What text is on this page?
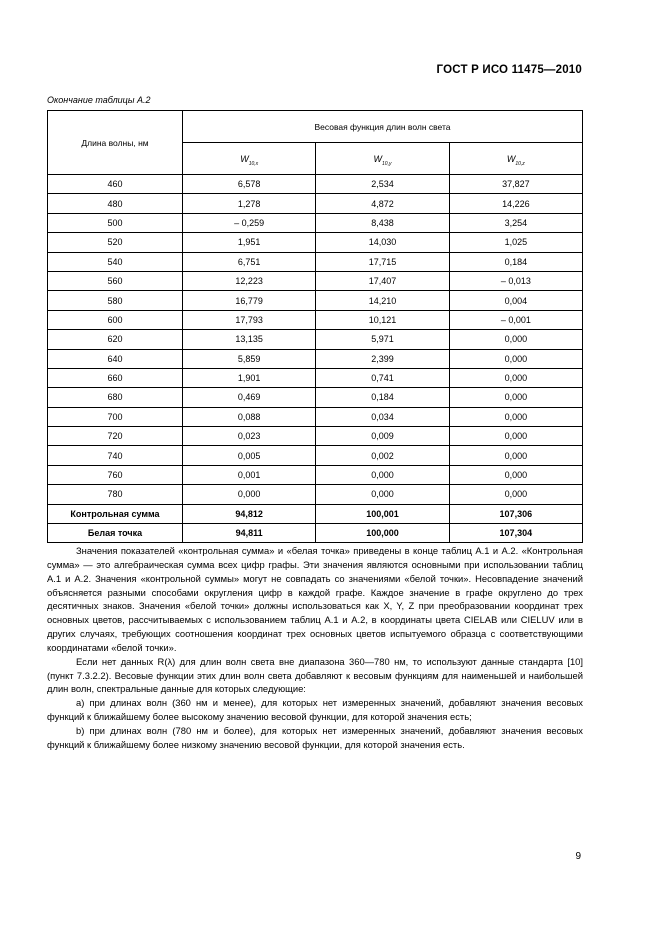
ГОСТ Р ИСО 11475—2010
Окончание таблицы А.2
Длина волны, нм	Весовая функция длин волн света		
	$W_{10,x}$	$W_{10,y}$	$W_{10,z}$
460	6,578	2,534	37,827
480	1,278	4,872	14,226
500	– 0,259	8,438	3,254
520	1,951	14,030	1,025
540	6,751	17,715	0,184
560	12,223	17,407	– 0,013
580	16,779	14,210	0,004
600	17,793	10,121	– 0,001
620	13,135	5,971	0,000
640	5,859	2,399	0,000
660	1,901	0,741	0,000
680	0,469	0,184	0,000
700	0,088	0,034	0,000
720	0,023	0,009	0,000
740	0,005	0,002	0,000
760	0,001	0,000	0,000
780	0,000	0,000	0,000
Контрольная сумма	94,812	100,001	107,306
Белая точка	94,811	100,000	107,304

Значения показателей «контрольная сумма» и «белая точка» приведены в конце таблиц А.1 и А.2. «Контрольная сумма» — это алгебраическая сумма всех цифр графы. Эти значения являются основными при использовании таблиц А.1 и А.2. Значения «контрольной суммы» могут не совпадать со значениями «белой точки». Несовпадение значений объясняется разными способами округления цифр в каждой графе. Каждое значение в графе округлено до трех десятичных знаков. Значения «белой точки» должны использоваться как X, Y, Z при преобразовании координат трех основных цветов, рассчитываемых с использованием таблиц А.1 и А.2, в координаты цвета CIELAB или CIELUV или в других случаях, требующих соотношения координат трех основных цветов испытуемого образца с соответствующими координатами «белой точки».

Если нет данных R(λ) для длин волн света вне диапазона 360—780 нм, то используют данные стандарта [10] (пункт 7.3.2.2). Весовые функции этих длин волн света добавляют к весовым функциям для наименьшей и наибольшей длин волн, спектральные данные для которых следующие:

а) при длинах волн (360 нм и менее), для которых нет измеренных значений, добавляют значения весовых функций к ближайшему более высокому значению весовой функции, для которой значения есть;

b) при длинах волн (780 нм и более), для которых нет измеренных значений, добавляют значения весовых функций к ближайшему более низкому значению весовой функции, для которой значения есть.

9
